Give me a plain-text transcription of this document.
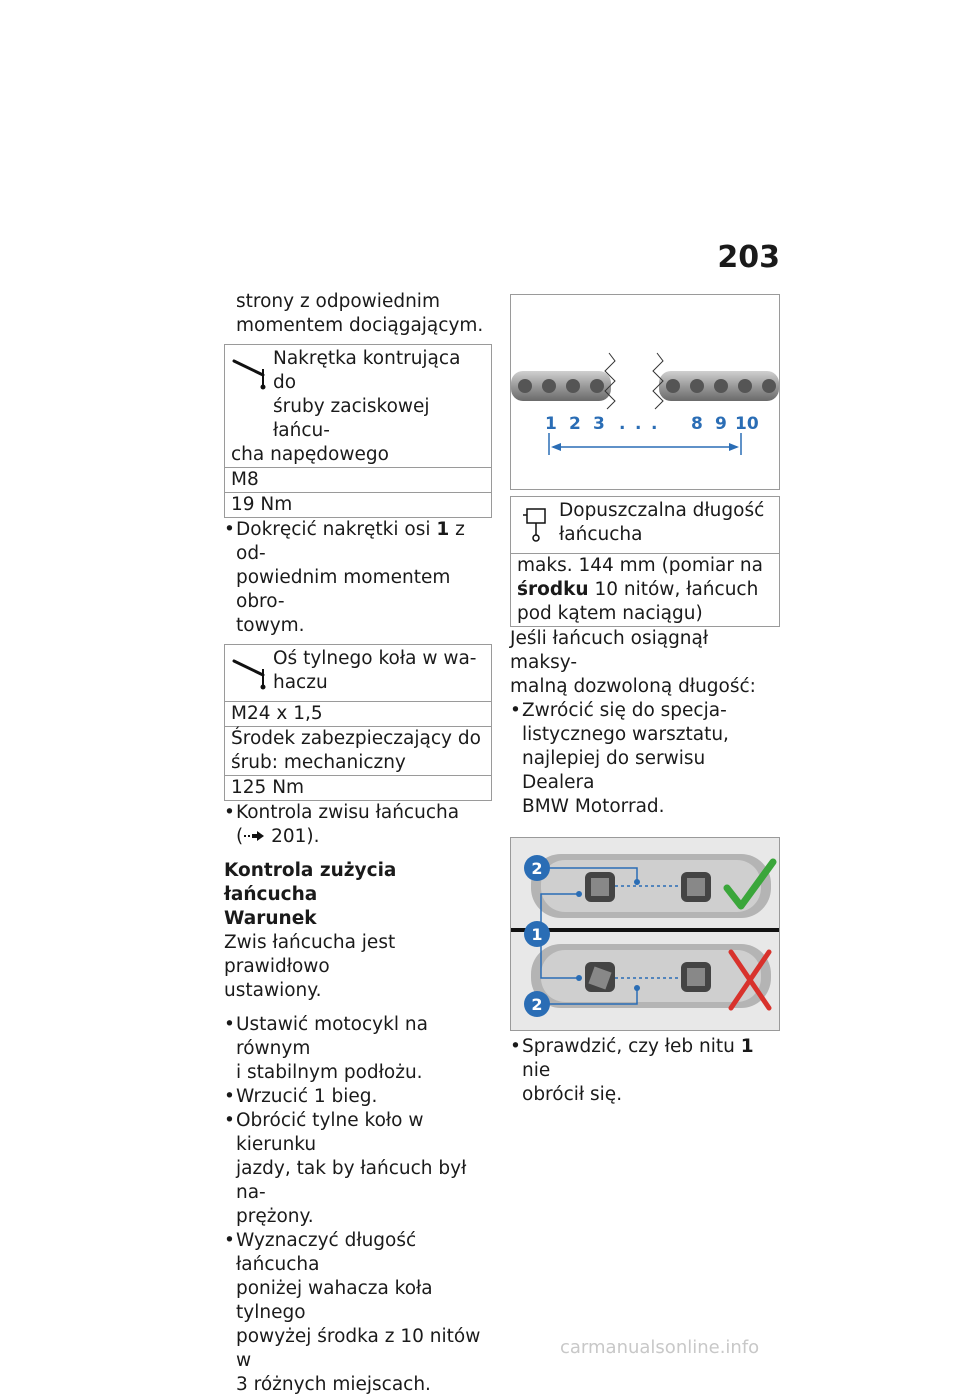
203
strony z odpowiednim
momentem dociągającym.
Nakrętka kontrująca do
śruby zaciskowej łańcu-
cha napędowego
M8
19 Nm
• Dokręcić nakrętki osi 1 z od-
powiednim momentem obro-
towym.
Oś tylnego koła w wa-
haczu
M24 x 1,5
Środek zabezpieczający do
śrub: mechaniczny
125 Nm
• Kontrola zwisu łańcucha
( 201).
Kontrola zużycia łańcucha
Warunek
Zwis łańcucha jest prawidłowo
ustawiony.
• Ustawić motocykl na równym
i stabilnym podłożu.
• Wrzucić 1 bieg.
• Obrócić tylne koło w kierunku
jazdy, tak by łańcuch był na-
prężony.
• Wyznaczyć długość łańcucha
poniżej wahacza koła tylnego
powyżej środka z 10 nitów w
3 różnych miejscach.
1 2 3 . . . 8 9 10
Dopuszczalna długość
łańcucha
maks. 144 mm (pomiar na
środku 10 nitów, łańcuch
pod kątem naciągu)
Jeśli łańcuch osiągnął maksy-
malną dozwoloną długość:
• Zwrócić się do specja-
listycznego warsztatu,
najlepiej do serwisu Dealera
BMW Motorrad.
2
1
2
• Sprawdzić, czy łeb nitu 1 nie
obrócił się.
carmanualsonline.info
